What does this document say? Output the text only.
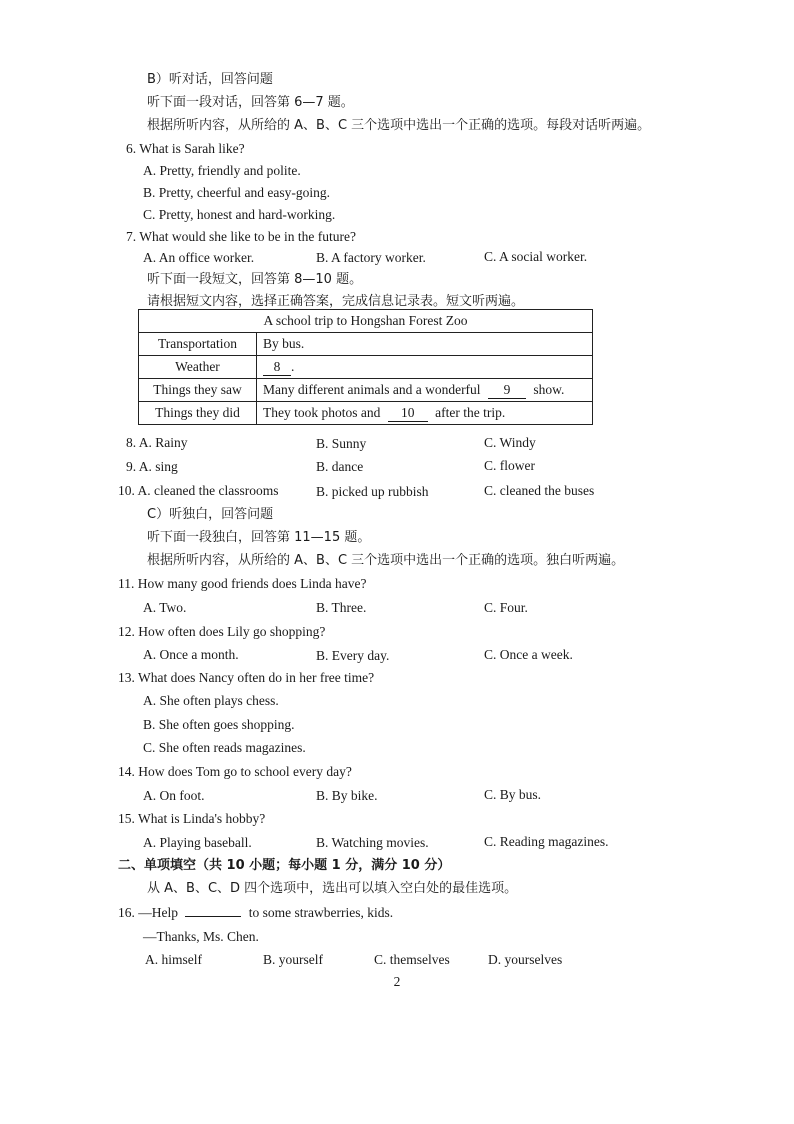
B）听对话，回答问题
听下面一段对话，回答第 6—7 题。
根据所听内容，从所给的 A、B、C 三个选项中选出一个正确的选项。每段对话听两遍。
6. What is Sarah like?
A. Pretty, friendly and polite.
B. Pretty, cheerful and easy-going.
C. Pretty, honest and hard-working.
7. What would she like to be in the future?
A. An office worker.	B. A factory worker.	C. A social worker.
听下面一段短文，回答第 8—10 题。
请根据短文内容，选择正确答案，完成信息记录表。短文听两遍。
A school trip to Hongshan Forest Zoo	
Transportation	By bus.
Weather	8 .
Things they saw	Many different animals and a wonderful 9 show.
Things they did	They took photos and 10 after the trip.
8. A. Rainy	B. Sunny	C. Windy
9. A. sing	B. dance	C. flower
10. A. cleaned the classrooms	B. picked up rubbish	C. cleaned the buses
C）听独白，回答问题
听下面一段独白，回答第 11—15 题。
根据所听内容，从所给的 A、B、C 三个选项中选出一个正确的选项。独白听两遍。
11. How many good friends does Linda have?
A. Two.	B. Three.	C. Four.
12. How often does Lily go shopping?
A. Once a month.	B. Every day.	C. Once a week.
13. What does Nancy often do in her free time?
A. She often plays chess.
B. She often goes shopping.
C. She often reads magazines.
14. How does Tom go to school every day?
A. On foot.	B. By bike.	C. By bus.
15. What is Linda's hobby?
A. Playing baseball.	B. Watching movies.	C. Reading magazines.
二、单项填空（共 10 小题；每小题 1 分，满分 10 分）
从 A、B、C、D 四个选项中，选出可以填入空白处的最佳选项。
16. —Help	to some strawberries, kids.
—Thanks, Ms. Chen.
A. himself	B. yourself	C. themselves	D. yourselves
2
